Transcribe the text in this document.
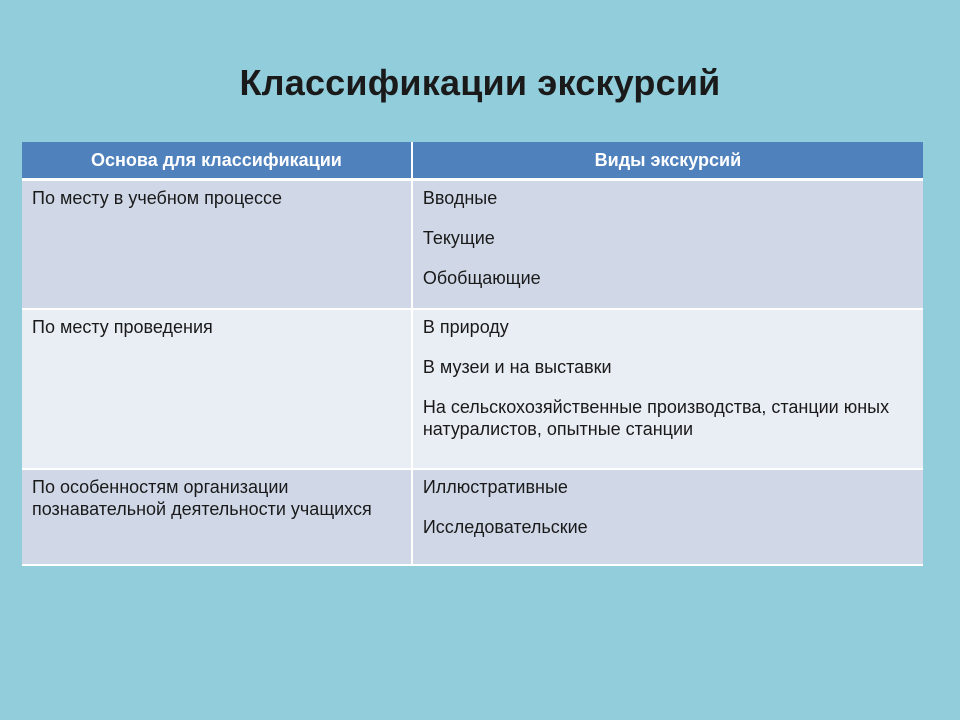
Классификации экскурсий
Основа для классификации	Виды экскурсий
По месту в учебном процессе	Вводные
Текущие
Обобщающие

По месту проведения	В природу
В музеи и на выставки
На сельскохозяйственные производства, станции юных натуралистов, опытные станции

По особенностям организации познавательной деятельности учащихся	Иллюстративные
Исследовательские
